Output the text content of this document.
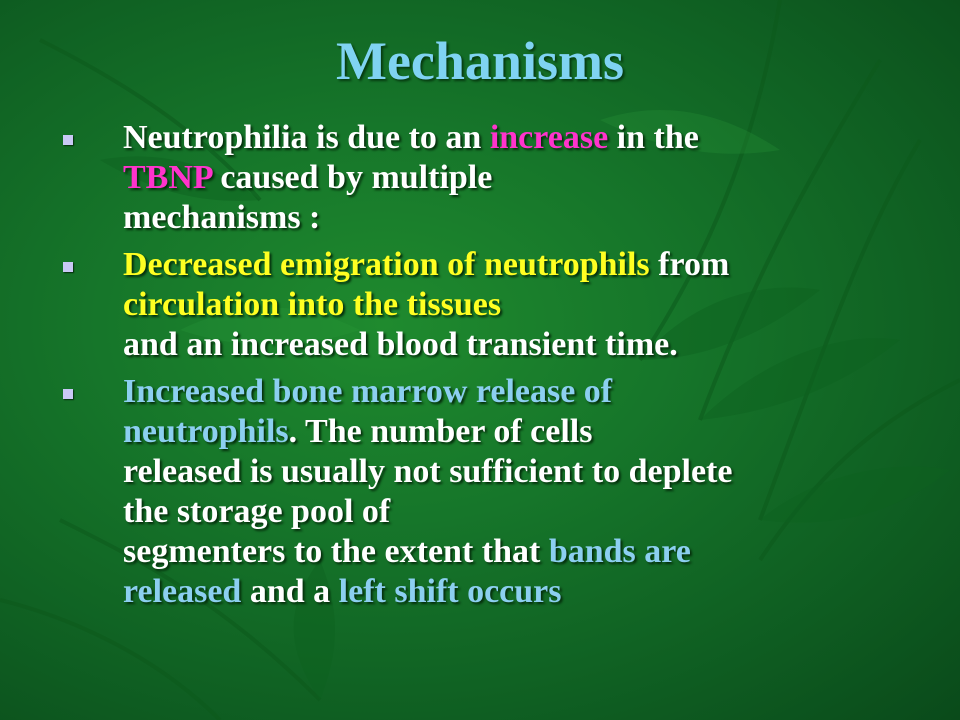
Mechanisms
Neutrophilia is due to an increase in the
TBNP caused by multiple
mechanisms :
Decreased emigration of neutrophils from
circulation into the tissues
and an increased blood transient time.
Increased bone marrow release of
neutrophils. The number of cells
released is usually not sufficient to deplete
the storage pool of
segmenters to the extent that bands are
released and a left shift occurs
